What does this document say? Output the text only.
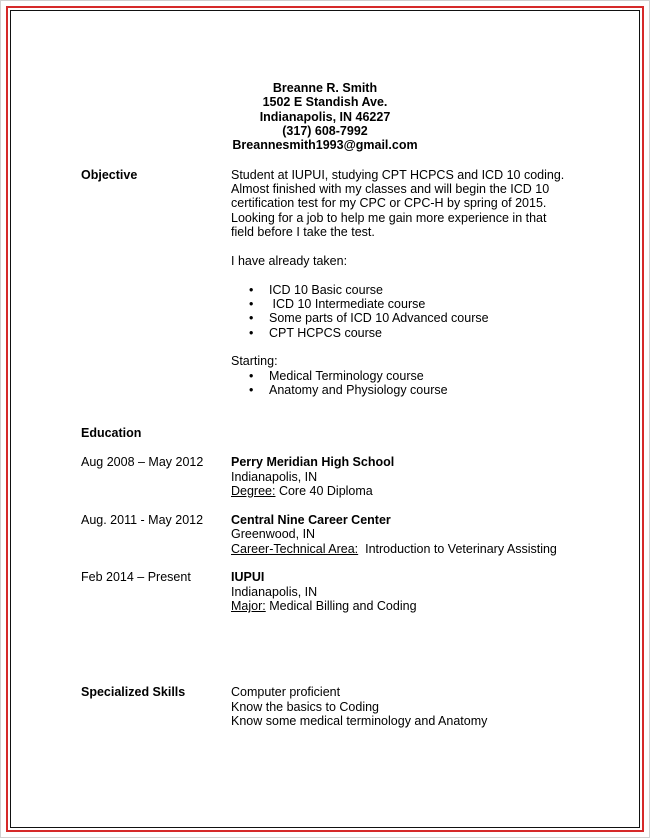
Breanne R. Smith
1502 E Standish Ave.
Indianapolis, IN 46227
(317) 608-7992
Breannesmith1993@gmail.com
Objective	Student at IUPUI, studying CPT HCPCS and ICD 10 coding.
Almost finished with my classes and will begin the ICD 10
certification test for my CPC or CPC-H by spring of 2015.
Looking for a job to help me gain more experience in that
field before I take the test.
I have already taken:
• ICD 10 Basic course
• ICD 10 Intermediate course
• Some parts of ICD 10 Advanced course
• CPT HCPCS course
Starting:
• Medical Terminology course
• Anatomy and Physiology course
Education
Aug 2008 – May 2012 Perry Meridian High School
Indianapolis, IN
Degree: Core 40 Diploma
Aug. 2011 - May 2012 Central Nine Career Center
Greenwood, IN
Career-Technical Area:  Introduction to Veterinary Assisting
Feb 2014 – Present	IUPUI
Indianapolis, IN
Major: Medical Billing and Coding
Specialized Skills	Computer proficient
Know the basics to Coding
Know some medical terminology and Anatomy
